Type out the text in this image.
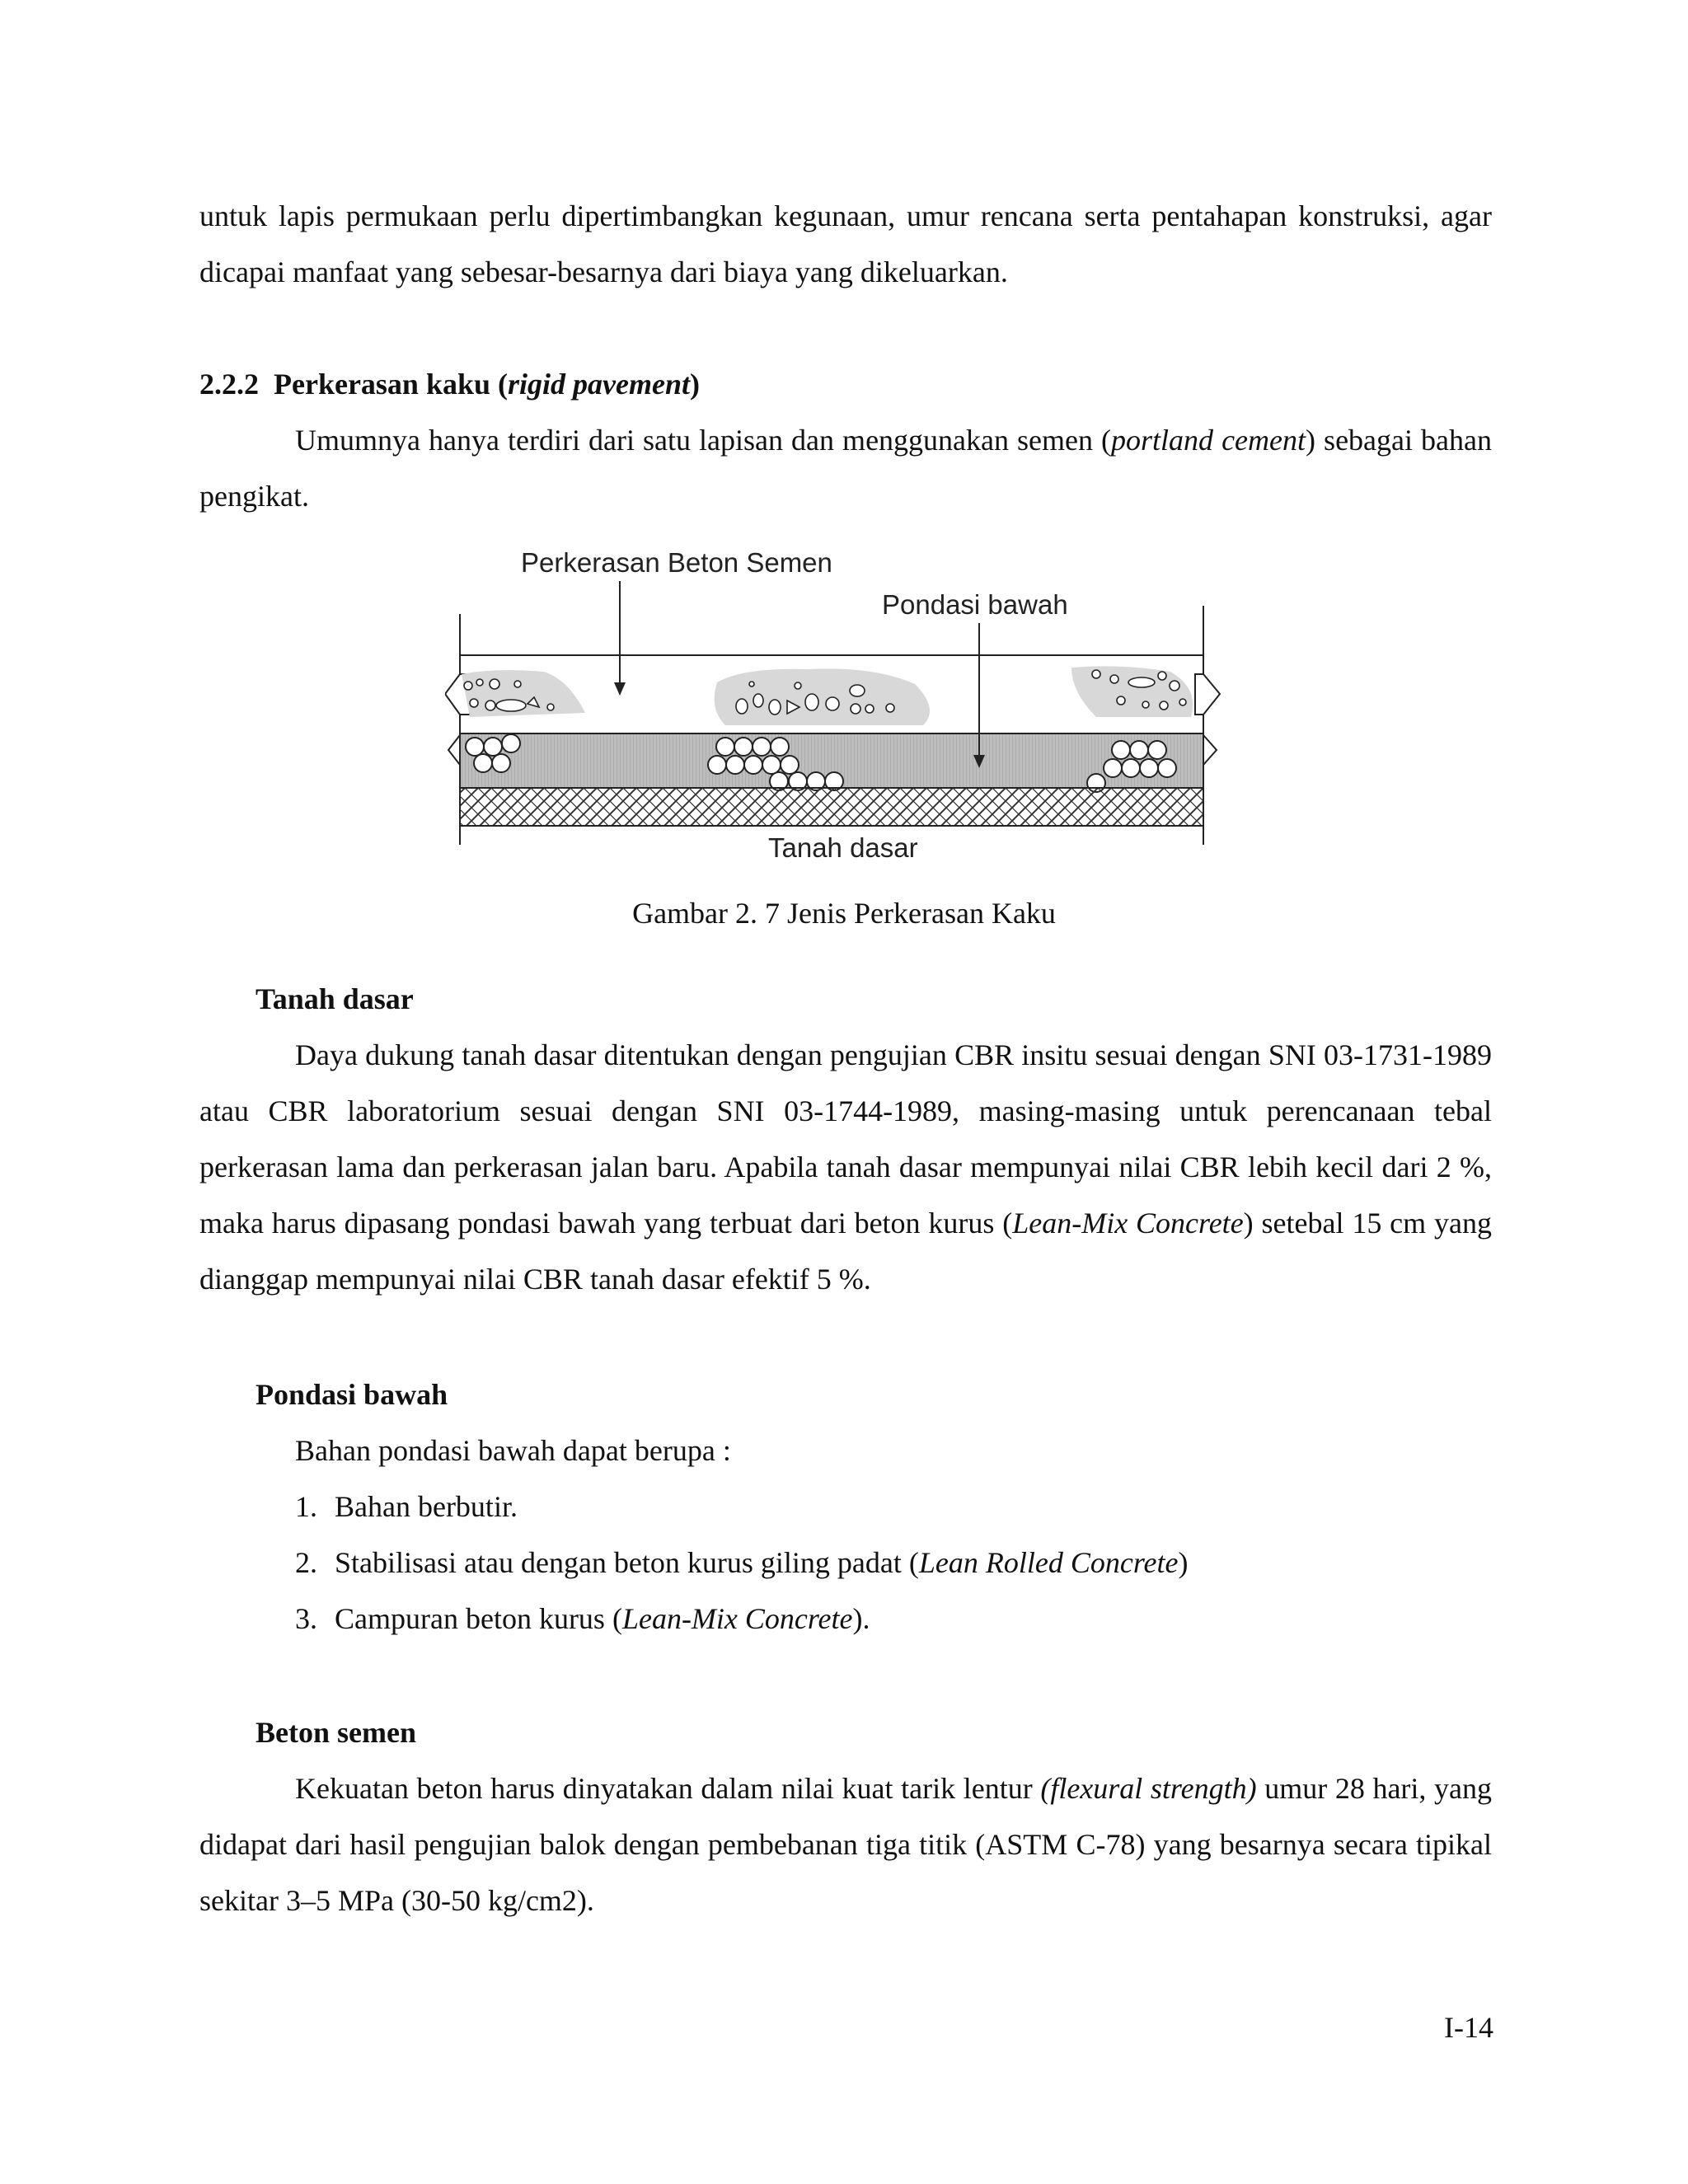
untuk lapis permukaan perlu dipertimbangkan kegunaan, umur rencana serta pentahapan konstruksi, agar dicapai manfaat yang sebesar-besarnya dari biaya yang dikeluarkan.

2.2.2 Perkerasan kaku (rigid pavement)

Umumnya hanya terdiri dari satu lapisan dan menggunakan semen (portland cement) sebagai bahan pengikat.

Perkerasan Beton Semen
Pondasi bawah
Tanah dasar
Gambar 2. 7 Jenis Perkerasan Kaku

Tanah dasar

Daya dukung tanah dasar ditentukan dengan pengujian CBR insitu sesuai dengan SNI 03-1731-1989 atau CBR laboratorium sesuai dengan SNI 03-1744-1989, masing-masing untuk perencanaan tebal perkerasan lama dan perkerasan jalan baru. Apabila tanah dasar mempunyai nilai CBR lebih kecil dari 2 %, maka harus dipasang pondasi bawah yang terbuat dari beton kurus (Lean-Mix Concrete) setebal 15 cm yang dianggap mempunyai nilai CBR tanah dasar efektif 5 %.

Pondasi bawah

Bahan pondasi bawah dapat berupa :

1. Bahan berbutir.
2. Stabilisasi atau dengan beton kurus giling padat (Lean Rolled Concrete)
3. Campuran beton kurus (Lean-Mix Concrete).

Beton semen

Kekuatan beton harus dinyatakan dalam nilai kuat tarik lentur (flexural strength) umur 28 hari, yang didapat dari hasil pengujian balok dengan pembebanan tiga titik (ASTM C-78) yang besarnya secara tipikal sekitar 3–5 MPa (30-50 kg/cm2).

I-14
